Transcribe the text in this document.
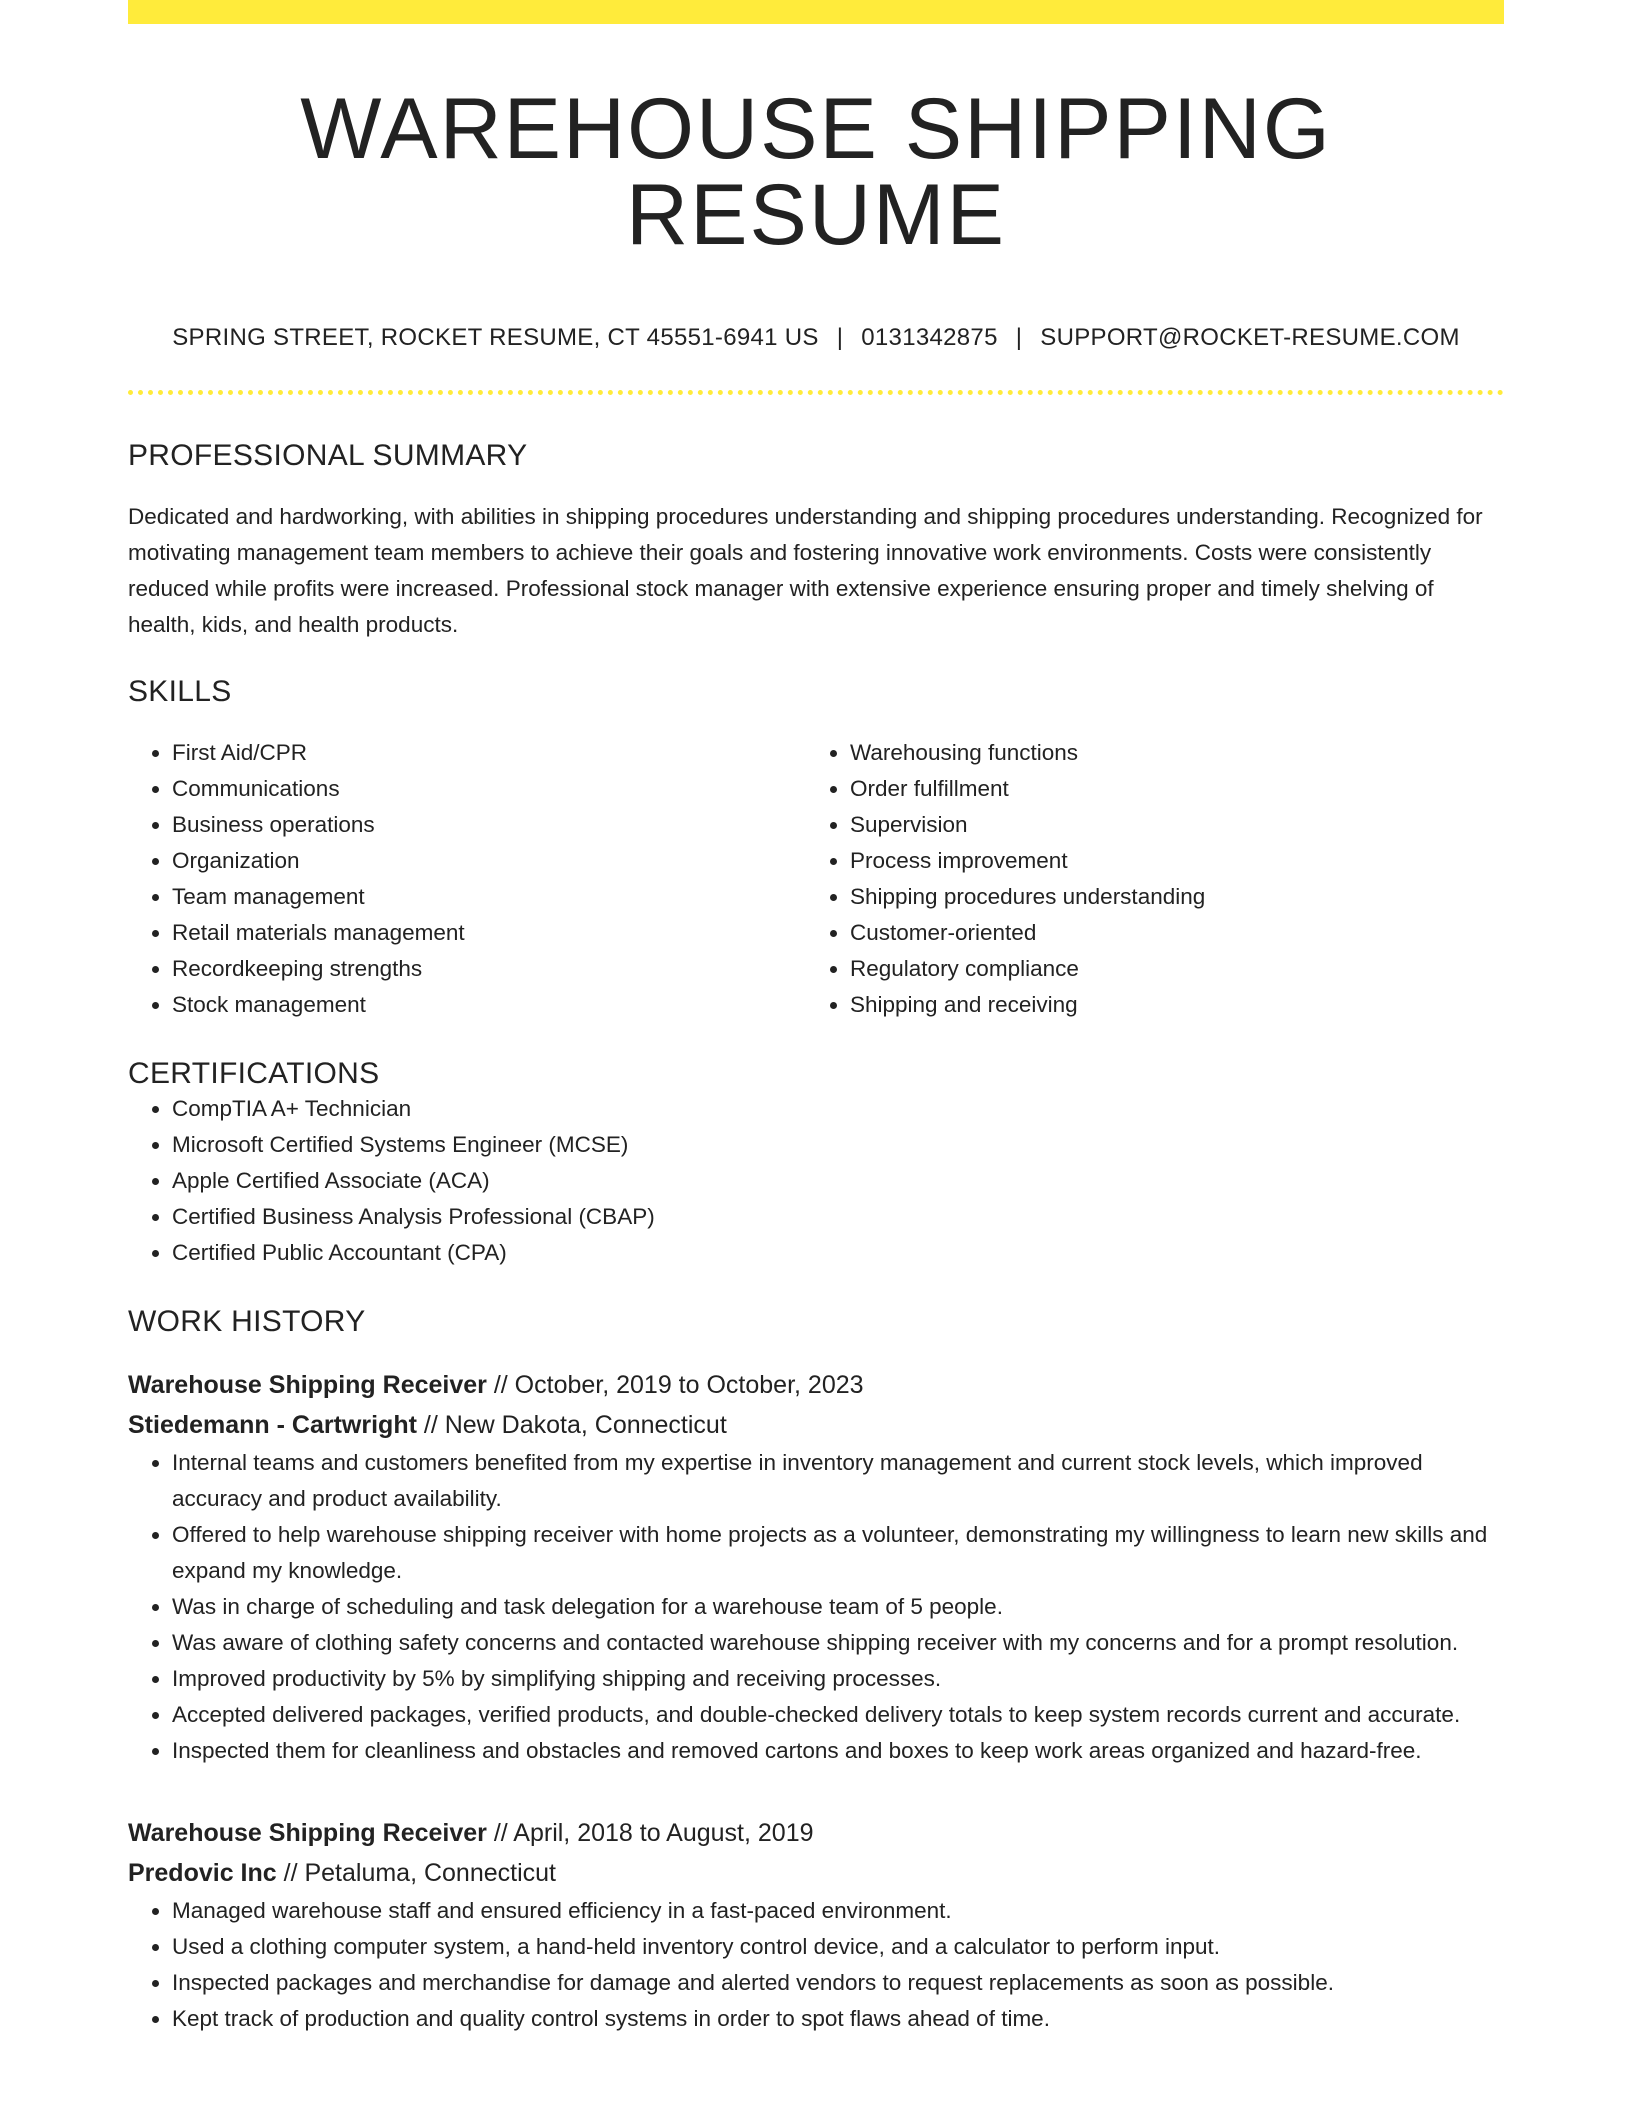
WAREHOUSE SHIPPING RESUME
SPRING STREET, ROCKET RESUME, CT 45551-6941 US | 0131342875 | SUPPORT@ROCKET-RESUME.COM
PROFESSIONAL SUMMARY

Dedicated and hardworking, with abilities in shipping procedures understanding and shipping procedures understanding. Recognized for motivating management team members to achieve their goals and fostering innovative work environments. Costs were consistently reduced while profits were increased. Professional stock manager with extensive experience ensuring proper and timely shelving of health, kids, and health products.

SKILLS
• First Aid/CPR
• Communications
• Business operations
• Organization
• Team management
• Retail materials management
• Recordkeeping strengths
• Stock management
• Warehousing functions
• Order fulfillment
• Supervision
• Process improvement
• Shipping procedures understanding
• Customer-oriented
• Regulatory compliance
• Shipping and receiving
CERTIFICATIONS
• CompTIA A+ Technician
• Microsoft Certified Systems Engineer (MCSE)
• Apple Certified Associate (ACA)
• Certified Business Analysis Professional (CBAP)
• Certified Public Accountant (CPA)
WORK HISTORY
Warehouse Shipping Receiver // October, 2019 to October, 2023
Stiedemann - Cartwright // New Dakota, Connecticut
• Internal teams and customers benefited from my expertise in inventory management and current stock levels, which improved accuracy and product availability.
• Offered to help warehouse shipping receiver with home projects as a volunteer, demonstrating my willingness to learn new skills and expand my knowledge.
• Was in charge of scheduling and task delegation for a warehouse team of 5 people.
• Was aware of clothing safety concerns and contacted warehouse shipping receiver with my concerns and for a prompt resolution.
• Improved productivity by 5% by simplifying shipping and receiving processes.
• Accepted delivered packages, verified products, and double-checked delivery totals to keep system records current and accurate.
• Inspected them for cleanliness and obstacles and removed cartons and boxes to keep work areas organized and hazard-free.
Warehouse Shipping Receiver // April, 2018 to August, 2019
Predovic Inc // Petaluma, Connecticut
• Managed warehouse staff and ensured efficiency in a fast-paced environment.
• Used a clothing computer system, a hand-held inventory control device, and a calculator to perform input.
• Inspected packages and merchandise for damage and alerted vendors to request replacements as soon as possible.
• Kept track of production and quality control systems in order to spot flaws ahead of time.
